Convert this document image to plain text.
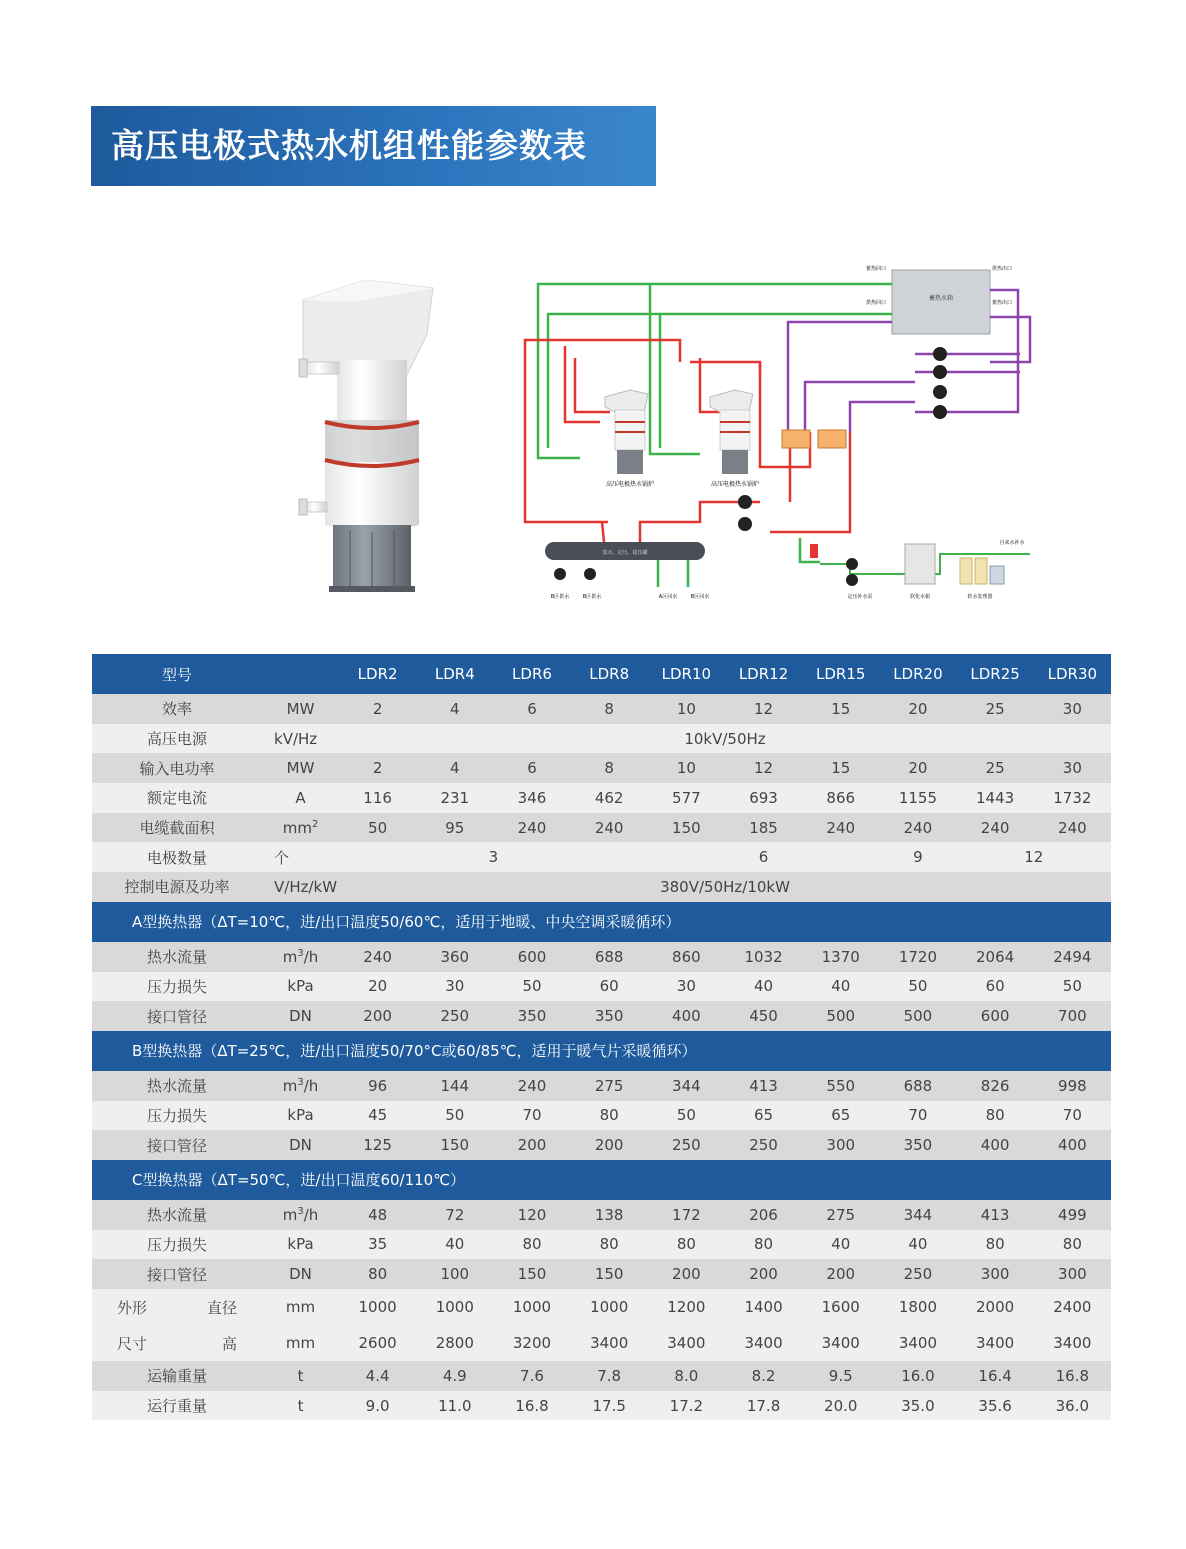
高压电极式热水机组性能参数表
蓄热水箱
蓄热回口
供热回口
供热出口
蓄热出口
高压电极热水锅炉	高压电极热水锅炉
集水、定压、稳压罐
B区供水	B区供水	A区回水	B区回水	定压补水泵	软化水箱	软水处理器
自来水补水
型号		LDR2	LDR4	LDR6	LDR8	LDR10	LDR12	LDR15	LDR20	LDR25	LDR30
效率	MW	2	4	6	8	10	12	15	20	25	30
高压电源	kV/Hz	10kV/50Hz									
输入电功率	MW	2	4	6	8	10	12	15	20	25	30
额定电流	A	116	231	346	462	577	693	866	1155	1443	1732
电缆截面积	$mm^2$	50	95	240	240	150	185	240	240	240	240
电极数量	个	3				6			9	12	
控制电源及功率	V/Hz/kW	380V/50Hz/10kW									
A型换热器（ΔT=10℃，进/出口温度50/60℃，适用于地暖、中央空调采暖循环）											
热水流量	$m^3/h$	240	360	600	688	860	1032	1370	1720	2064	2494
压力损失	kPa	20	30	50	60	30	40	40	50	60	50
接口管径	DN	200	250	350	350	400	450	500	500	600	700
B型换热器（ΔT=25℃，进/出口温度50/70°C或60/85℃，适用于暖气片采暖循环）											
热水流量	$m^3/h$	96	144	240	275	344	413	550	688	826	998
压力损失	kPa	45	50	70	80	50	65	65	70	80	70
接口管径	DN	125	150	200	200	250	250	300	350	400	400
C型换热器（ΔT=50℃，进/出口温度60/110℃）											
热水流量	$m^3/h$	48	72	120	138	172	206	275	344	413	499
压力损失	kPa	35	40	80	80	80	80	40	40	80	80
接口管径	DN	80	100	150	150	200	200	200	250	300	300
外形 直径	mm	1000	1000	1000	1000	1200	1400	1600	1800	2000	2400
尺寸 高	mm	2600	2800	3200	3400	3400	3400	3400	3400	3400	3400
运输重量	t	4.4	4.9	7.6	7.8	8.0	8.2	9.5	16.0	16.4	16.8
运行重量	t	9.0	11.0	16.8	17.5	17.2	17.8	20.0	35.0	35.6	36.0
